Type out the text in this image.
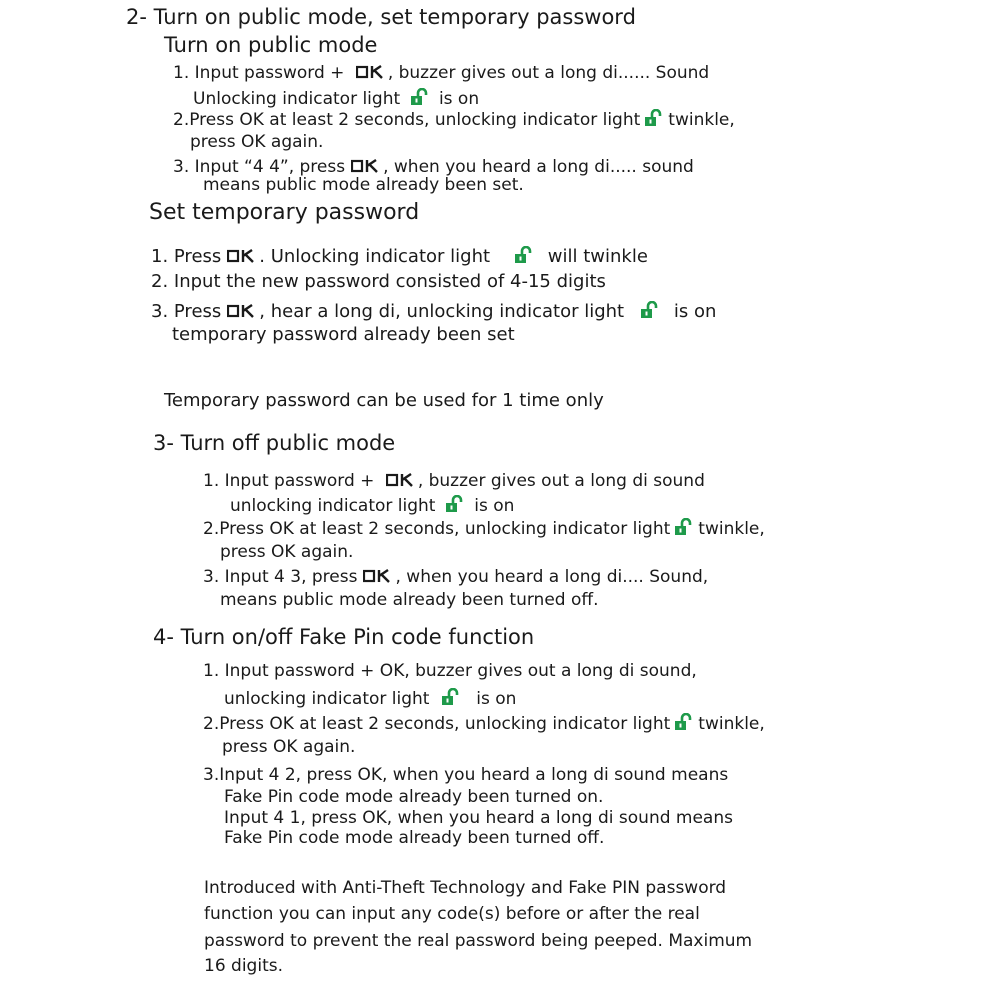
2- Turn on public mode, set temporary password
Turn on public mode
1. Input password +	, buzzer gives out a long di...... Sound
Unlocking indicator light is on
2.Press OK at least 2 seconds, unlocking indicator light twinkle,
press OK again.
3. Input “4 4”, press , when you heard a long di..... sound
means public mode already been set.
Set temporary password
1. Press . Unlocking indicator light	will twinkle
2. Input the new password consisted of 4-15 digits
3. Press , hear a long di, unlocking indicator light	is on
temporary password already been set
Temporary password can be used for 1 time only
3- Turn off public mode
1. Input password +	, buzzer gives out a long di sound
unlocking indicator light is on
2.Press OK at least 2 seconds, unlocking indicator light twinkle,
press OK again.
3. Input 4 3, press , when you heard a long di.... Sound,
means public mode already been turned off.
4- Turn on/off Fake Pin code function
1. Input password + OK, buzzer gives out a long di sound,
unlocking indicator light	is on
2.Press OK at least 2 seconds, unlocking indicator light twinkle,
press OK again.
3.Input 4 2, press OK, when you heard a long di sound means
Fake Pin code mode already been turned on.
Input 4 1, press OK, when you heard a long di sound means
Fake Pin code mode already been turned off.
Introduced with Anti-Theft Technology and Fake PIN password
function you can input any code(s) before or after the real
password to prevent the real password being peeped. Maximum
16 digits.
